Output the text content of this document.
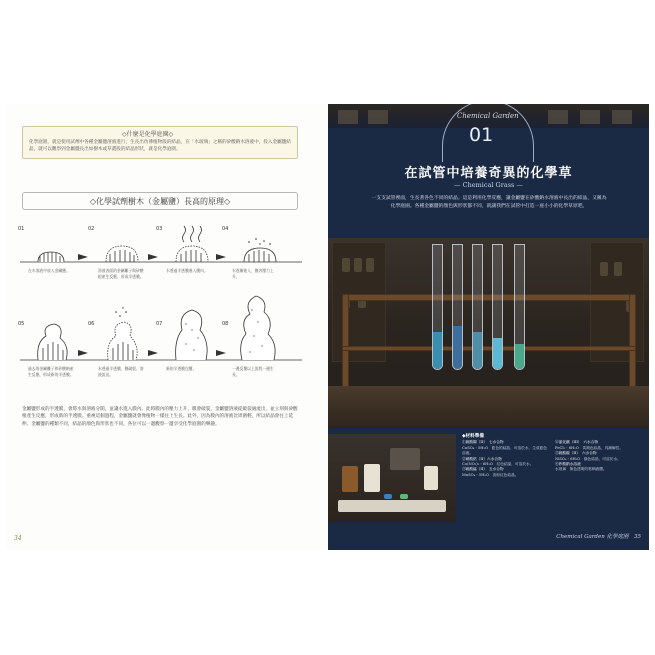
◇什麼是化學庭園◇
化學庭園，就是使用試劑中各種金屬鹽溶液進行，生長出彷彿植物般的結晶，在「水玻璃」之稱的矽酸鈉水溶液中，投入金屬鹽結晶，就可以觀察到金屬鹽長出如樹木或草叢般的結晶形狀，就是化學庭園。
◇化學試劑樹木（金屬鹽）長高的原理◇
01	02	03	04
在水溶液中放入金屬鹽。	溶液表面的金屬離子與矽酸根產生反應，形成半透膜。
水透過半透膜進入膜內。	水逐漸進入，膜內壓力上升。
05	06	07	08
過去的金屬離子和矽酸鈉產生反應，形成新的半透膜。
水透過半透膜，膜破裂，溶液流出。
新的半透膜包覆。	一邊反覆以上流程一邊生長。
金屬鹽形成的半透膜，會將水與溶液分開，並讓水進入膜內。此時膜內的壓力上升，膜會破裂，金屬鹽溶液從破裂處流出，並立刻與矽酸根產生反應，形成新的半透膜。重複這個過程，金屬鹽就會像植物一樣往上生長。此外，因為膜內的溶液比周圍輕，所以結晶會往上延伸。金屬鹽的種類不同，結晶的顏色與形狀也不同，各位可以一邊觀察一邊享受化學庭園的樂趣。
34
Chemical Garden
01
在試管中培養奇異的化學草
— Chemical Grass —
一支支試管裡面，生長著各色不同的結晶。這是利用化學反應，讓金屬鹽在矽酸鈉水溶液中長出的結晶，又稱為化學庭園。各種金屬鹽的顏色與形狀都不同，就讓我們在試管中打造一座小小的化學草原吧。
◆材料準備
①硫酸鋼（II）　七水合物
CuSO₄・5H₂O　藍色的結晶，可溶於水，生成藍色溶液。
②硝酸鈷（II）六水合物
Co(NO₃)₂・6H₂O　紅色結晶，可溶於水。
③硫酸錳（II）　五水合物
MnSO₄・5H₂O　淡粉紅色結晶。
④氯化鐵（III）　六水合物
FeCl₃・6H₂O　黃褐色結晶，具潮解性。
⑤硫酸鎳（II）　六水合物
NiSO₄・6H₂O　綠色結晶，可溶於水。
⑥矽酸鈉水溶液
水玻璃　無色透明的黏稠液體。
Chemical Garden 化學庭園　35
